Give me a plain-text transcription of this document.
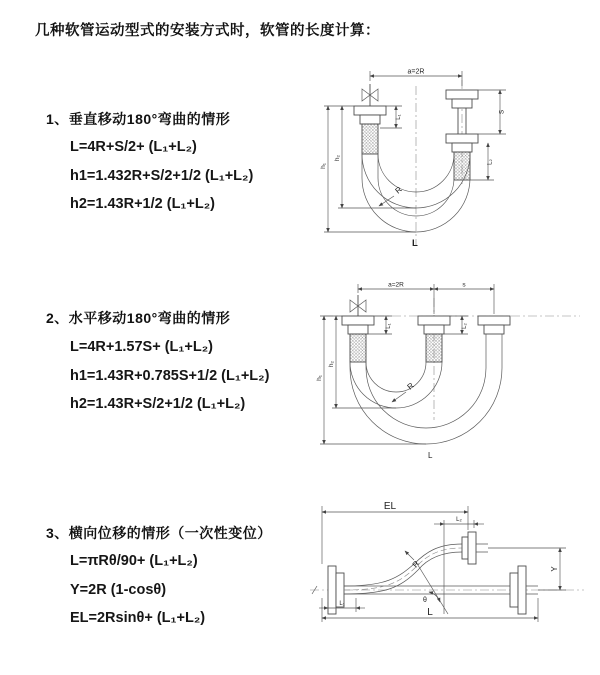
几种软管运动型式的安装方式时，软管的长度计算：
1、垂直移动180°弯曲的情形
L=4R+S/2+ (L₁+L₂)
h1=1.432R+S/2+1/2 (L₁+L₂)
h2=1.43R+1/2 (L₁+L₂)
2、水平移动180°弯曲的情形
L=4R+1.57S+ (L₁+L₂)
h1=1.43R+0.785S+1/2 (L₁+L₂)
h2=1.43R+S/2+1/2 (L₁+L₂)
3、横向位移的情形（一次性变位）
L=πRθ/90+ (L₁+L₂)
Y=2R (1-cosθ)
EL=2Rsinθ+ (L₁+L₂)
a=2R
h₁
h₂
L₁
S
L₂
R
L
a=2R	s
h₁
h₂
L₁	L₂
R
L
EL
L₂
θ
R	Y
L₁
L
